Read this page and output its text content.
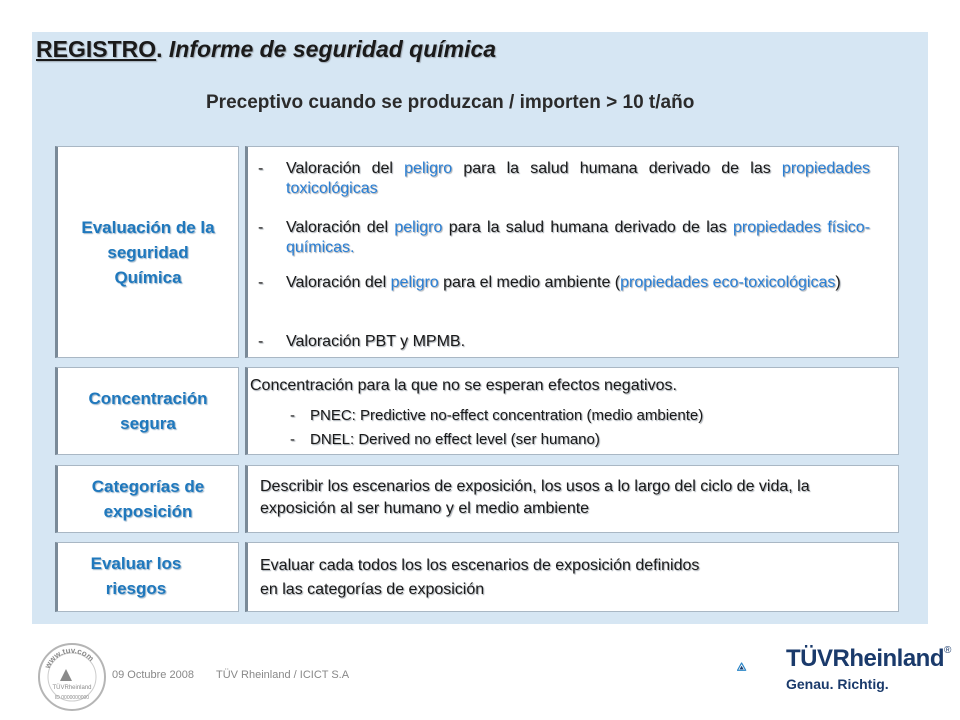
REGISTRO. Informe de seguridad química
Preceptivo cuando se produzcan / importen > 10 t/año
Evaluación de la seguridad Química
-	Valoración del peligro para la salud humana derivado de las propiedades toxicológicas
-	Valoración del peligro para la salud humana derivado de las propiedades físico-químicas.
-	Valoración del peligro para el medio ambiente (propiedades eco-toxicológicas)
-	Valoración PBT y MPMB.
Concentración segura
Concentración para la que no se esperan efectos negativos.
-	PNEC: Predictive no-effect concentration (medio ambiente)
-	DNEL: Derived no effect level (ser humano)
Categorías de exposición
Describir los escenarios de exposición, los usos a lo largo del ciclo de vida, la exposición al ser humano y el medio ambiente
Evaluar los riesgos
Evaluar cada todos los los escenarios de exposición definidos
en las categorías de exposición
www.tuv.com
TÜVRheinland
ID 0000000000
09 Octubre 2008 TÜV Rheinland / ICICT S.A
TÜVRheinland®
Genau. Richtig.
